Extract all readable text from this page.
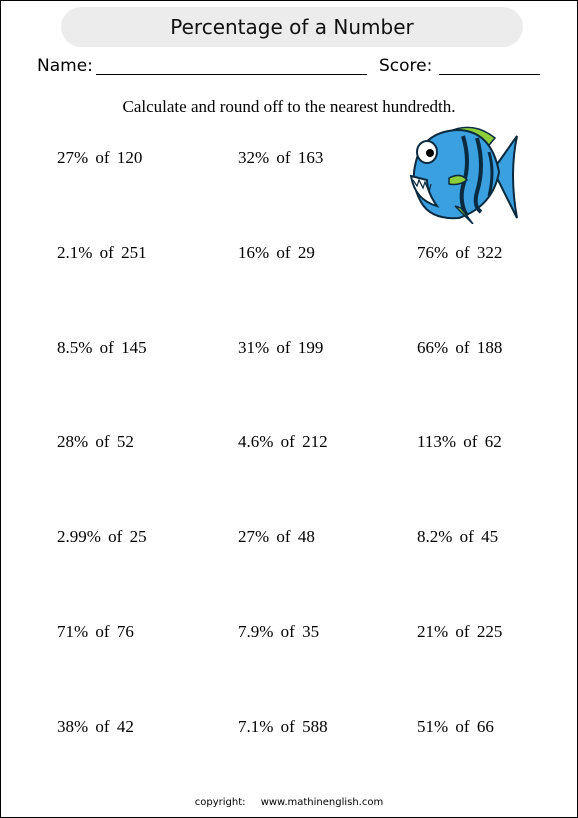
Percentage of a Number
Name:	Score:
Calculate and round off to the nearest hundredth.
27% of 120	32% of 163
2.1% of 251	16% of 29	76% of 322
8.5% of 145	31% of 199	66% of 188
28% of 52	4.6% of 212	113% of 62
2.99% of 25	27% of 48	8.2% of 45
71% of 76	7.9% of 35	21% of 225
38% of 42	7.1% of 588	51% of 66
copyright: www.mathinenglish.com
